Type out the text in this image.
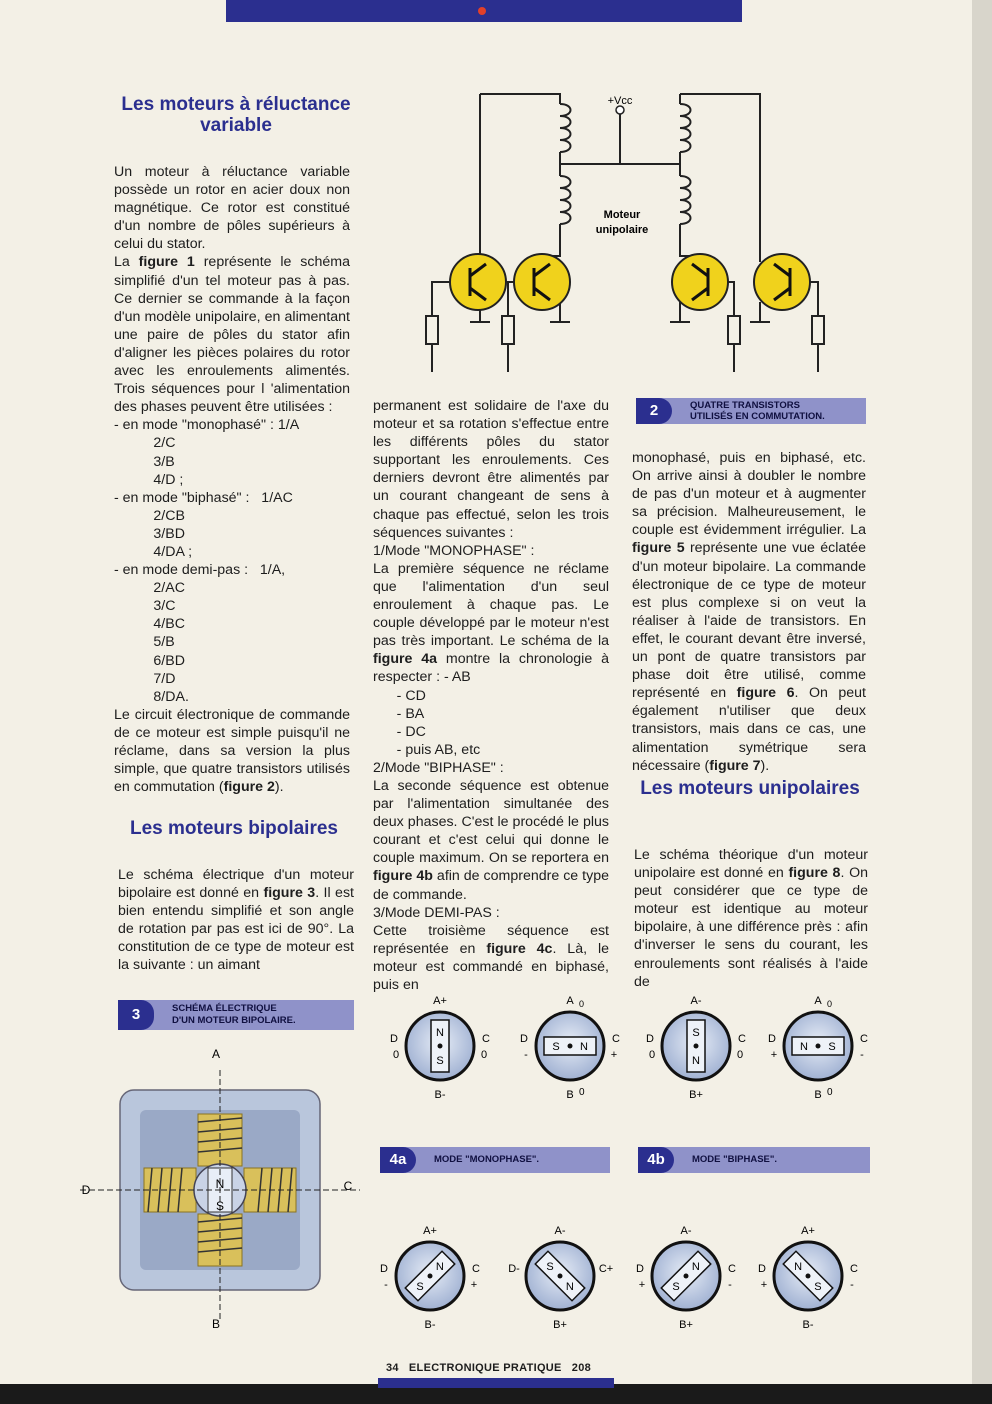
Les moteurs à réluctance variable

Un moteur à réluctance variable possède un rotor en acier doux non magnétique. Ce rotor est constitué d'un nombre de pôles supérieurs à celui du stator.

La figure 1 représente le schéma simplifié d'un tel moteur pas à pas. Ce dernier se commande à la façon d'un modèle unipolaire, en alimentant une paire de pôles du stator afin d'aligner les pièces polaires du rotor avec les enroulements alimentés. Trois séquences pour l 'alimentation des phases peuvent être utilisées :

- en mode "monophasé" : 1/A
2/C
3/B
4/D ;
- en mode "biphasé" :   1/AC
2/CB
3/BD
4/DA ;
- en mode demi-pas :   1/A,
2/AC
3/C
4/BC
5/B
6/BD
7/D
8/DA.

Le circuit électronique de commande de ce moteur est simple puisqu'il ne réclame, dans sa version la plus simple, que quatre transistors utilisés en commutation (figure 2).

Les moteurs bipolaires

Le schéma électrique d'un moteur bipolaire est donné en figure 3. Il est bien entendu simplifié et son angle de rotation par pas est ici de 90°. La constitution de ce type de moteur est la suivante : un aimant

permanent est solidaire de l'axe du moteur et sa rotation s'effectue entre les différents pôles du stator supportant les enroulements. Ces derniers devront être alimentés par un courant changeant de sens à chaque pas effectué, selon les trois séquences suivantes :

1/Mode "MONOPHASE" :

La première séquence ne réclame que l'alimentation d'un seul enroulement à chaque pas. Le couple développé par le moteur n'est pas très important. Le schéma de la figure 4a montre la chronologie à respecter : - AB

- CD
- BA
- DC
- puis AB, etc

2/Mode "BIPHASE" :

La seconde séquence est obtenue par l'alimentation simultanée des deux phases. C'est le procédé le plus courant et c'est celui qui donne le couple maximum. On se reportera en figure 4b afin de comprendre ce type de commande.

3/Mode DEMI-PAS :

Cette troisième séquence est représentée en figure 4c. Là, le moteur est commandé en biphasé, puis en

monophasé, puis en biphasé, etc. On arrive ainsi à doubler le nombre de pas d'un moteur et à augmenter sa précision. Malheureusement, le couple est évidemment irrégulier. La figure 5 représente une vue éclatée d'un moteur bipolaire. La commande électronique de ce type de moteur est plus complexe si on veut la réaliser à l'aide de transistors. En effet, le courant devant être inversé, un pont de quatre transistors par phase doit être utilisé, comme représenté en figure 6. On peut également n'utiliser que deux transistors, mais dans ce cas, une alimentation symétrique sera nécessaire (figure 7).

Les moteurs unipolaires

Le schéma théorique d'un moteur unipolaire est donné en figure 8. On peut considérer que ce type de moteur est identique au moteur bipolaire, à une différence près : afin d'inverser le sens du courant, les enroulements sont réalisés à l'aide de

+Vcc
Moteur
unipolaire
2	QUATRE TRANSISTORS
UTILISÉS EN COMMUTATION.
3	SCHÉMA ÉLECTRIQUE
D'UN MOTEUR BIPOLAIRE.
N
S
A
B
D	C
N
S
A+
B-
D
0
C
0
S N
A 0
B 0
D
-
C
+
S
N
A-
B+
D
0
C
0
N S
A 0
B 0
D
+
C
-
S
N
A+
B-
D
-
C
+
S
N
A-
B+
D-	C+
S
N
A-
B+
D
+
C
-
N
S
A+
B-
D
+
C
-
4a	MODE "MONOPHASE".	4b	MODE "BIPHASE".
34 ELECTRONIQUE PRATIQUE 208
